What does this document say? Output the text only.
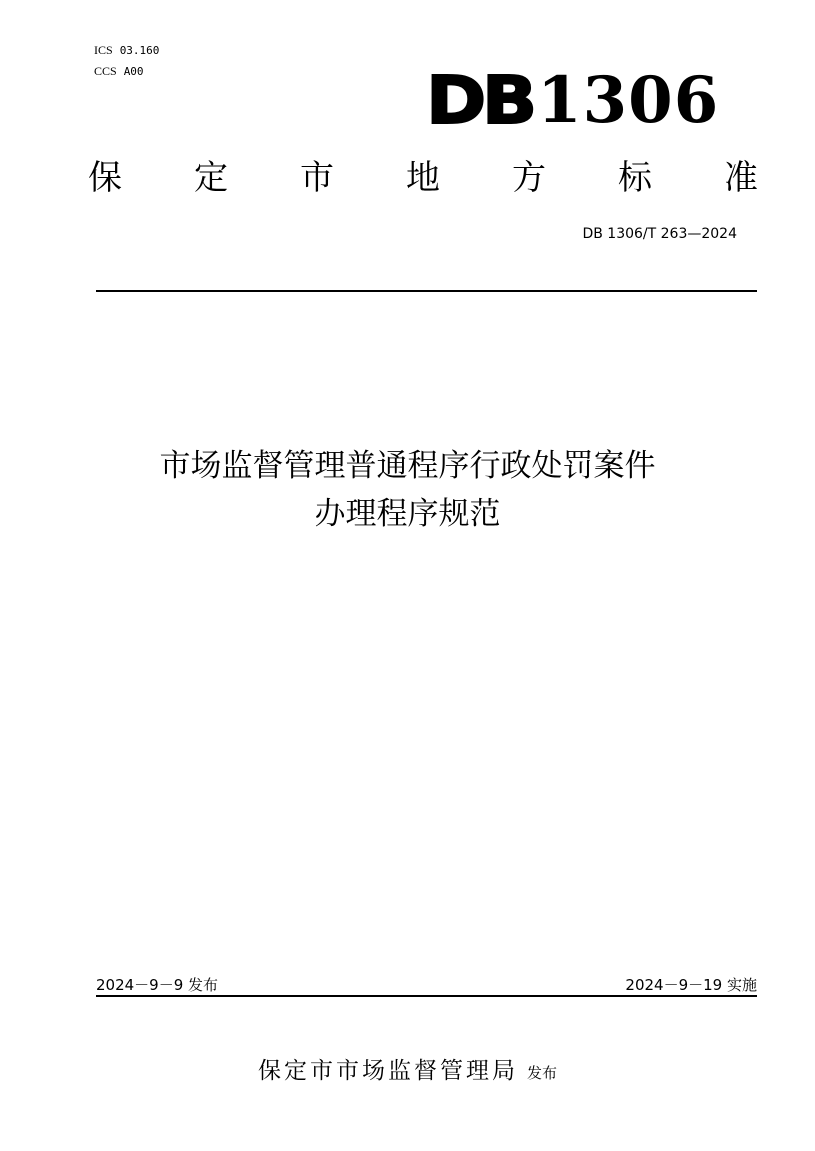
ICS 03.160
CCS A00	DB 1306
保 定 市 地 方 标 准
DB 1306/T 263—2024
市场监督管理普通程序行政处罚案件
办理程序规范
2024－9－9 发布	2024－9－19 实施
保定市市场监督管理局 发布
